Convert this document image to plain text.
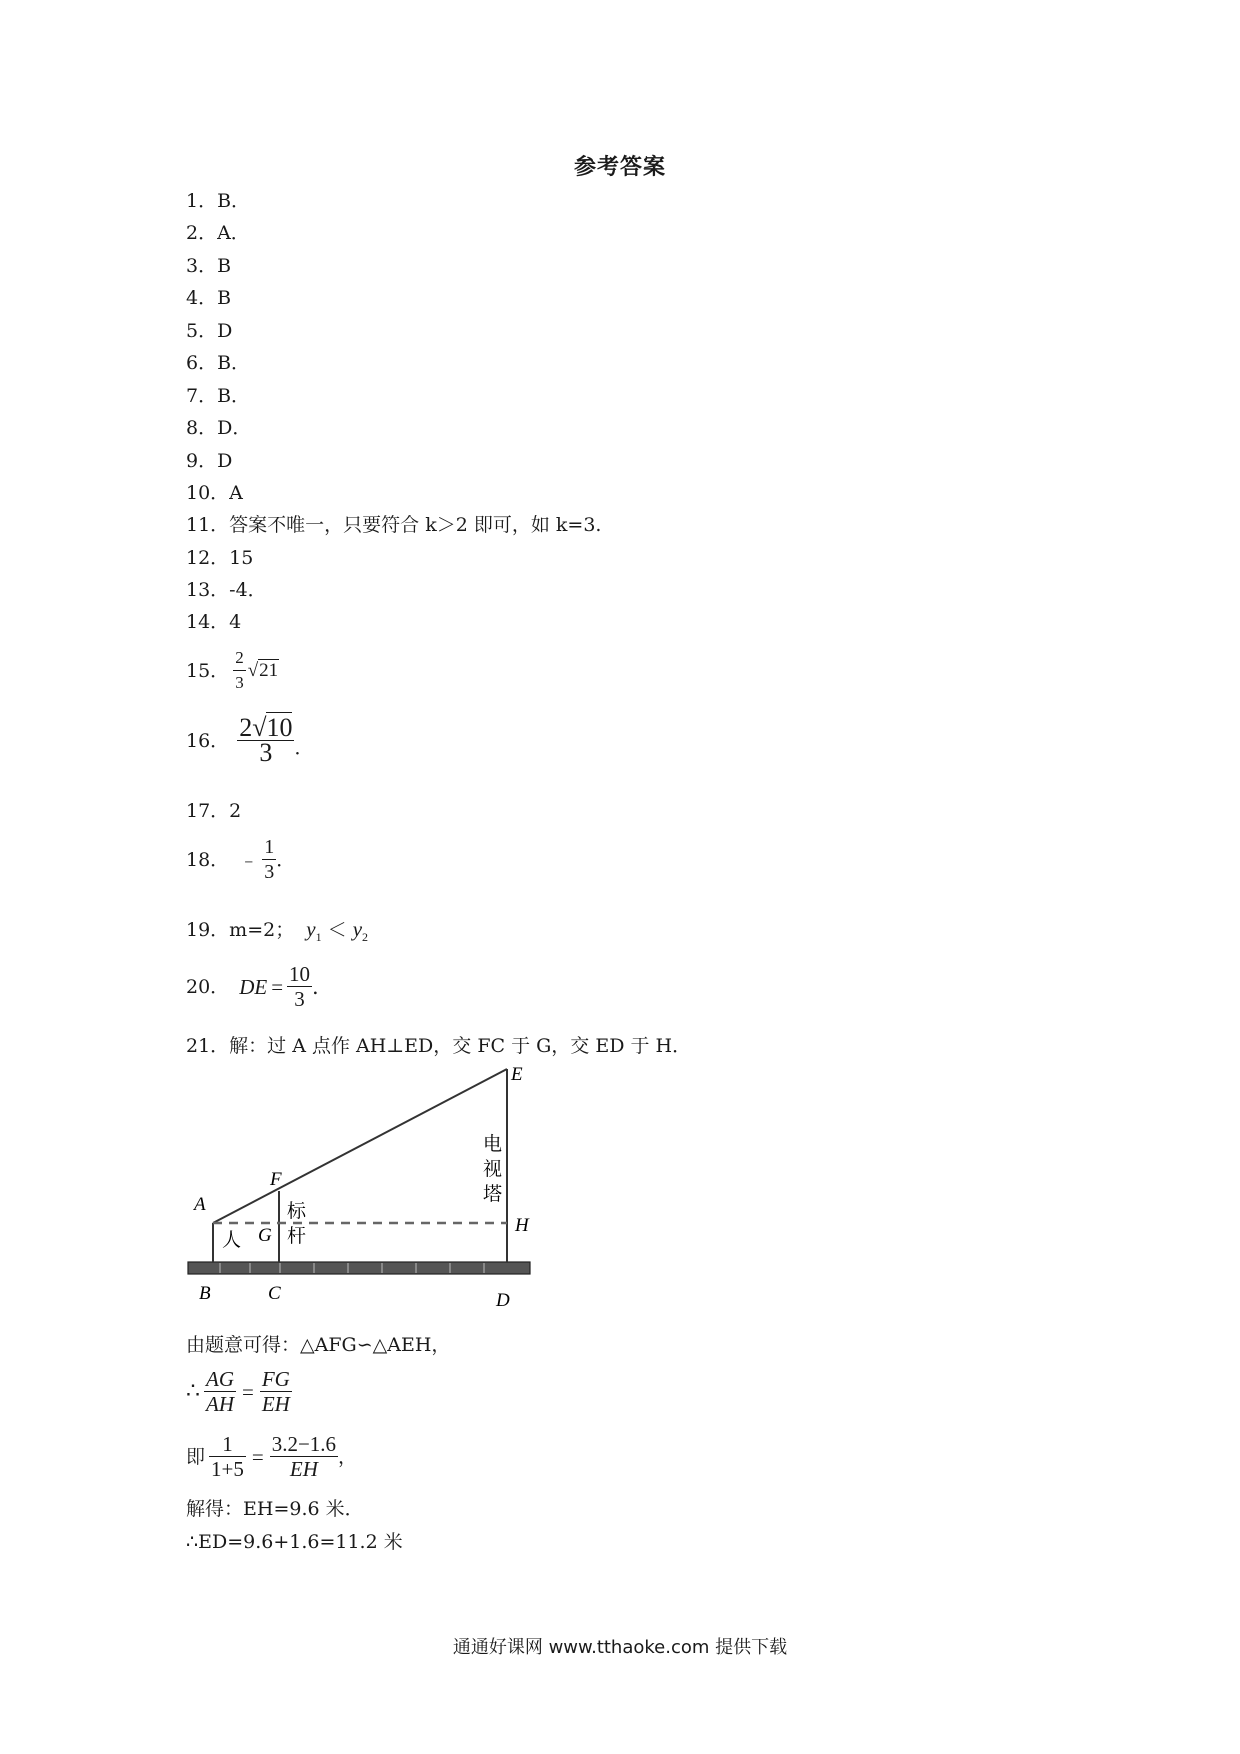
参考答案
1．B．
2．A．
3．B
4．B
5．D
6．B．
7．B．
8．D．
9．D
10．A
11．答案不唯一，只要符合 k＞2 即可，如 k=3.
12．15
13．-4．
14．4
15． $\frac{2}{3} √21$
16． $\frac{2√10}{3}$ ．
17．2
18． ﹣ $\frac{1}{3}$ ．
19．m=2； $y_1 < y_2$
20． DE = $\frac{10}{3}$ .
21．解：过 A 点作 AH⊥ED，交 FC 于 G，交 ED 于 H．
A
B	C	D
E
F
G	H
人
标
杆
电
视
塔
由题意可得：△AFG∽△AEH，
∴ $\frac{AG}{AH} = \frac{FG}{EH}$
即 $\frac{1}{1+5} = \frac{3.2-1.6}{EH}$ ，
解得：EH=9.6 米．
∴ED=9.6+1.6=11.2 米
通通好课网 www.tthaoke.com 提供下载
